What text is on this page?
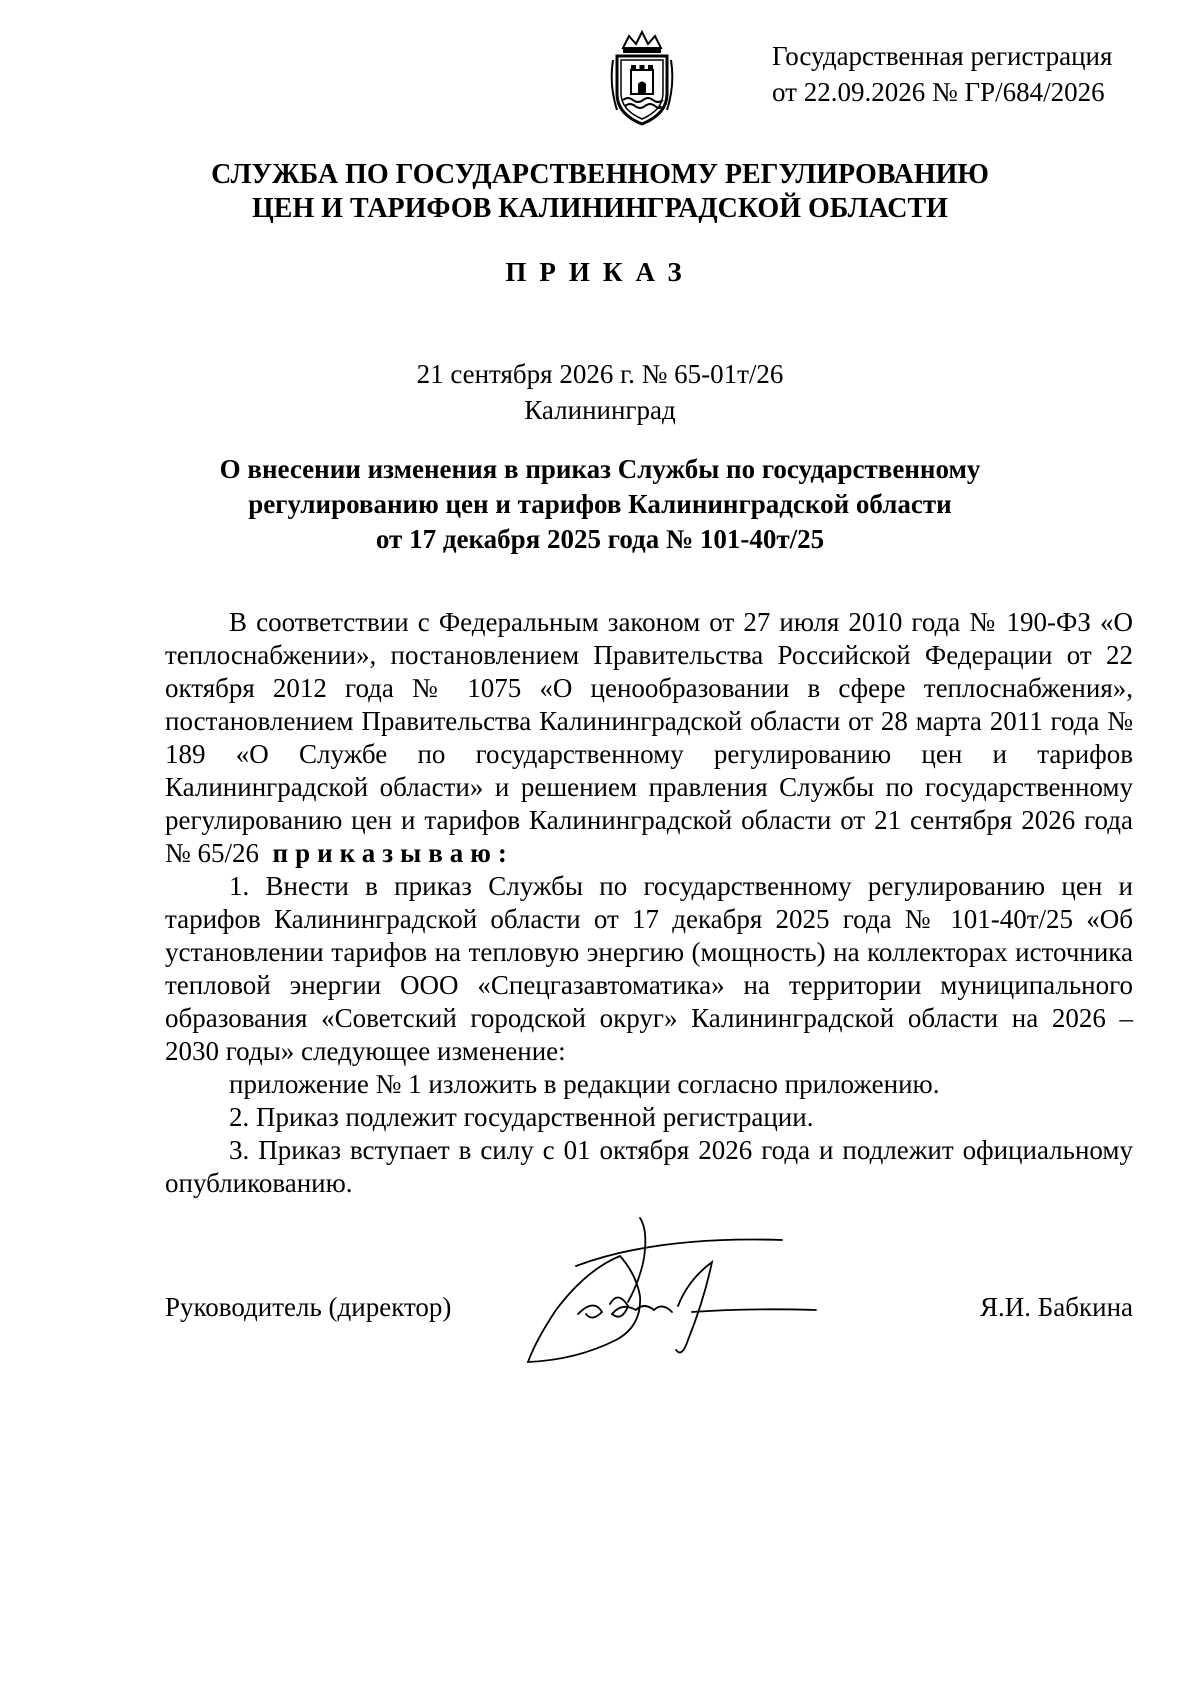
Государственная регистрация
от 22.09.2026 № ГР/684/2026
СЛУЖБА ПО ГОСУДАРСТВЕННОМУ РЕГУЛИРОВАНИЮ
ЦЕН И ТАРИФОВ КАЛИНИНГРАДСКОЙ ОБЛАСТИ
ПРИКАЗ
21 сентября 2026 г. № 65-01т/26
Калининград
О внесении изменения в приказ Службы по государственному
регулированию цен и тарифов Калининградской области
от 17 декабря 2025 года № 101-40т/25

В соответствии с Федеральным законом от 27 июля 2010 года № 190-ФЗ «О теплоснабжении», постановлением Правительства Российской Федерации от 22 октября 2012 года № 1075 «О ценообразовании в сфере теплоснабжения», постановлением Правительства Калининградской области от 28 марта 2011 года № 189 «О Службе по государственному регулированию цен и тарифов Калининградской области» и решением правления Службы по государственному регулированию цен и тарифов Калининградской области от 21 сентября 2026 года № 65/26 приказываю:

1. Внести в приказ Службы по государственному регулированию цен и тарифов Калининградской области от 17 декабря 2025 года № 101-40т/25 «Об установлении тарифов на тепловую энергию (мощность) на коллекторах источника тепловой энергии ООО «Спецгазавтоматика» на территории муниципального образования «Советский городской округ» Калининградской области на 2026 – 2030 годы» следующее изменение:

приложение № 1 изложить в редакции согласно приложению.

2. Приказ подлежит государственной регистрации.

3. Приказ вступает в силу с 01 октября 2026 года и подлежит официальному опубликованию.

Руководитель (директор)	Я.И. Бабкина
